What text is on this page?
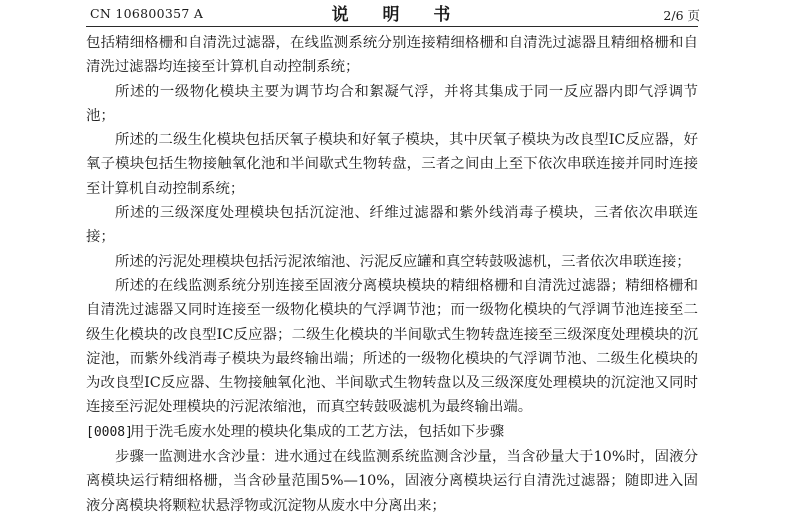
CN 106800357 A	说 明 书	2/6 页

包括精细格栅和自清洗过滤器，在线监测系统分别连接精细格栅和自清洗过滤器且精细格栅和自清洗过滤器均连接至计算机自动控制系统；

所述的一级物化模块主要为调节均合和絮凝气浮，并将其集成于同一反应器内即气浮调节池；

所述的二级生化模块包括厌氧子模块和好氧子模块，其中厌氧子模块为改良型IC反应器，好氧子模块包括生物接触氧化池和半间歇式生物转盘，三者之间由上至下依次串联连接并同时连接至计算机自动控制系统；

所述的三级深度处理模块包括沉淀池、纤维过滤器和紫外线消毒子模块，三者依次串联连接；

所述的污泥处理模块包括污泥浓缩池、污泥反应罐和真空转鼓吸滤机，三者依次串联连接；

所述的在线监测系统分别连接至固液分离模块模块的精细格栅和自清洗过滤器；精细格栅和自清洗过滤器又同时连接至一级物化模块的气浮调节池；而一级物化模块的气浮调节池连接至二级生化模块的改良型IC反应器；二级生化模块的半间歇式生物转盘连接至三级深度处理模块的沉淀池，而紫外线消毒子模块为最终输出端；所述的一级物化模块的气浮调节池、二级生化模块的为改良型IC反应器、生物接触氧化池、半间歇式生物转盘以及三级深度处理模块的沉淀池又同时连接至污泥处理模块的污泥浓缩池，而真空转鼓吸滤机为最终输出端。

[0008]用于洗毛废水处理的模块化集成的工艺方法，包括如下步骤

步骤一监测进水含沙量：进水通过在线监测系统监测含沙量，当含砂量大于10%时，固液分离模块运行精细格栅，当含砂量范围5%—10%，固液分离模块运行自清洗过滤器；随即进入固液分离模块将颗粒状悬浮物或沉淀物从废水中分离出来；
